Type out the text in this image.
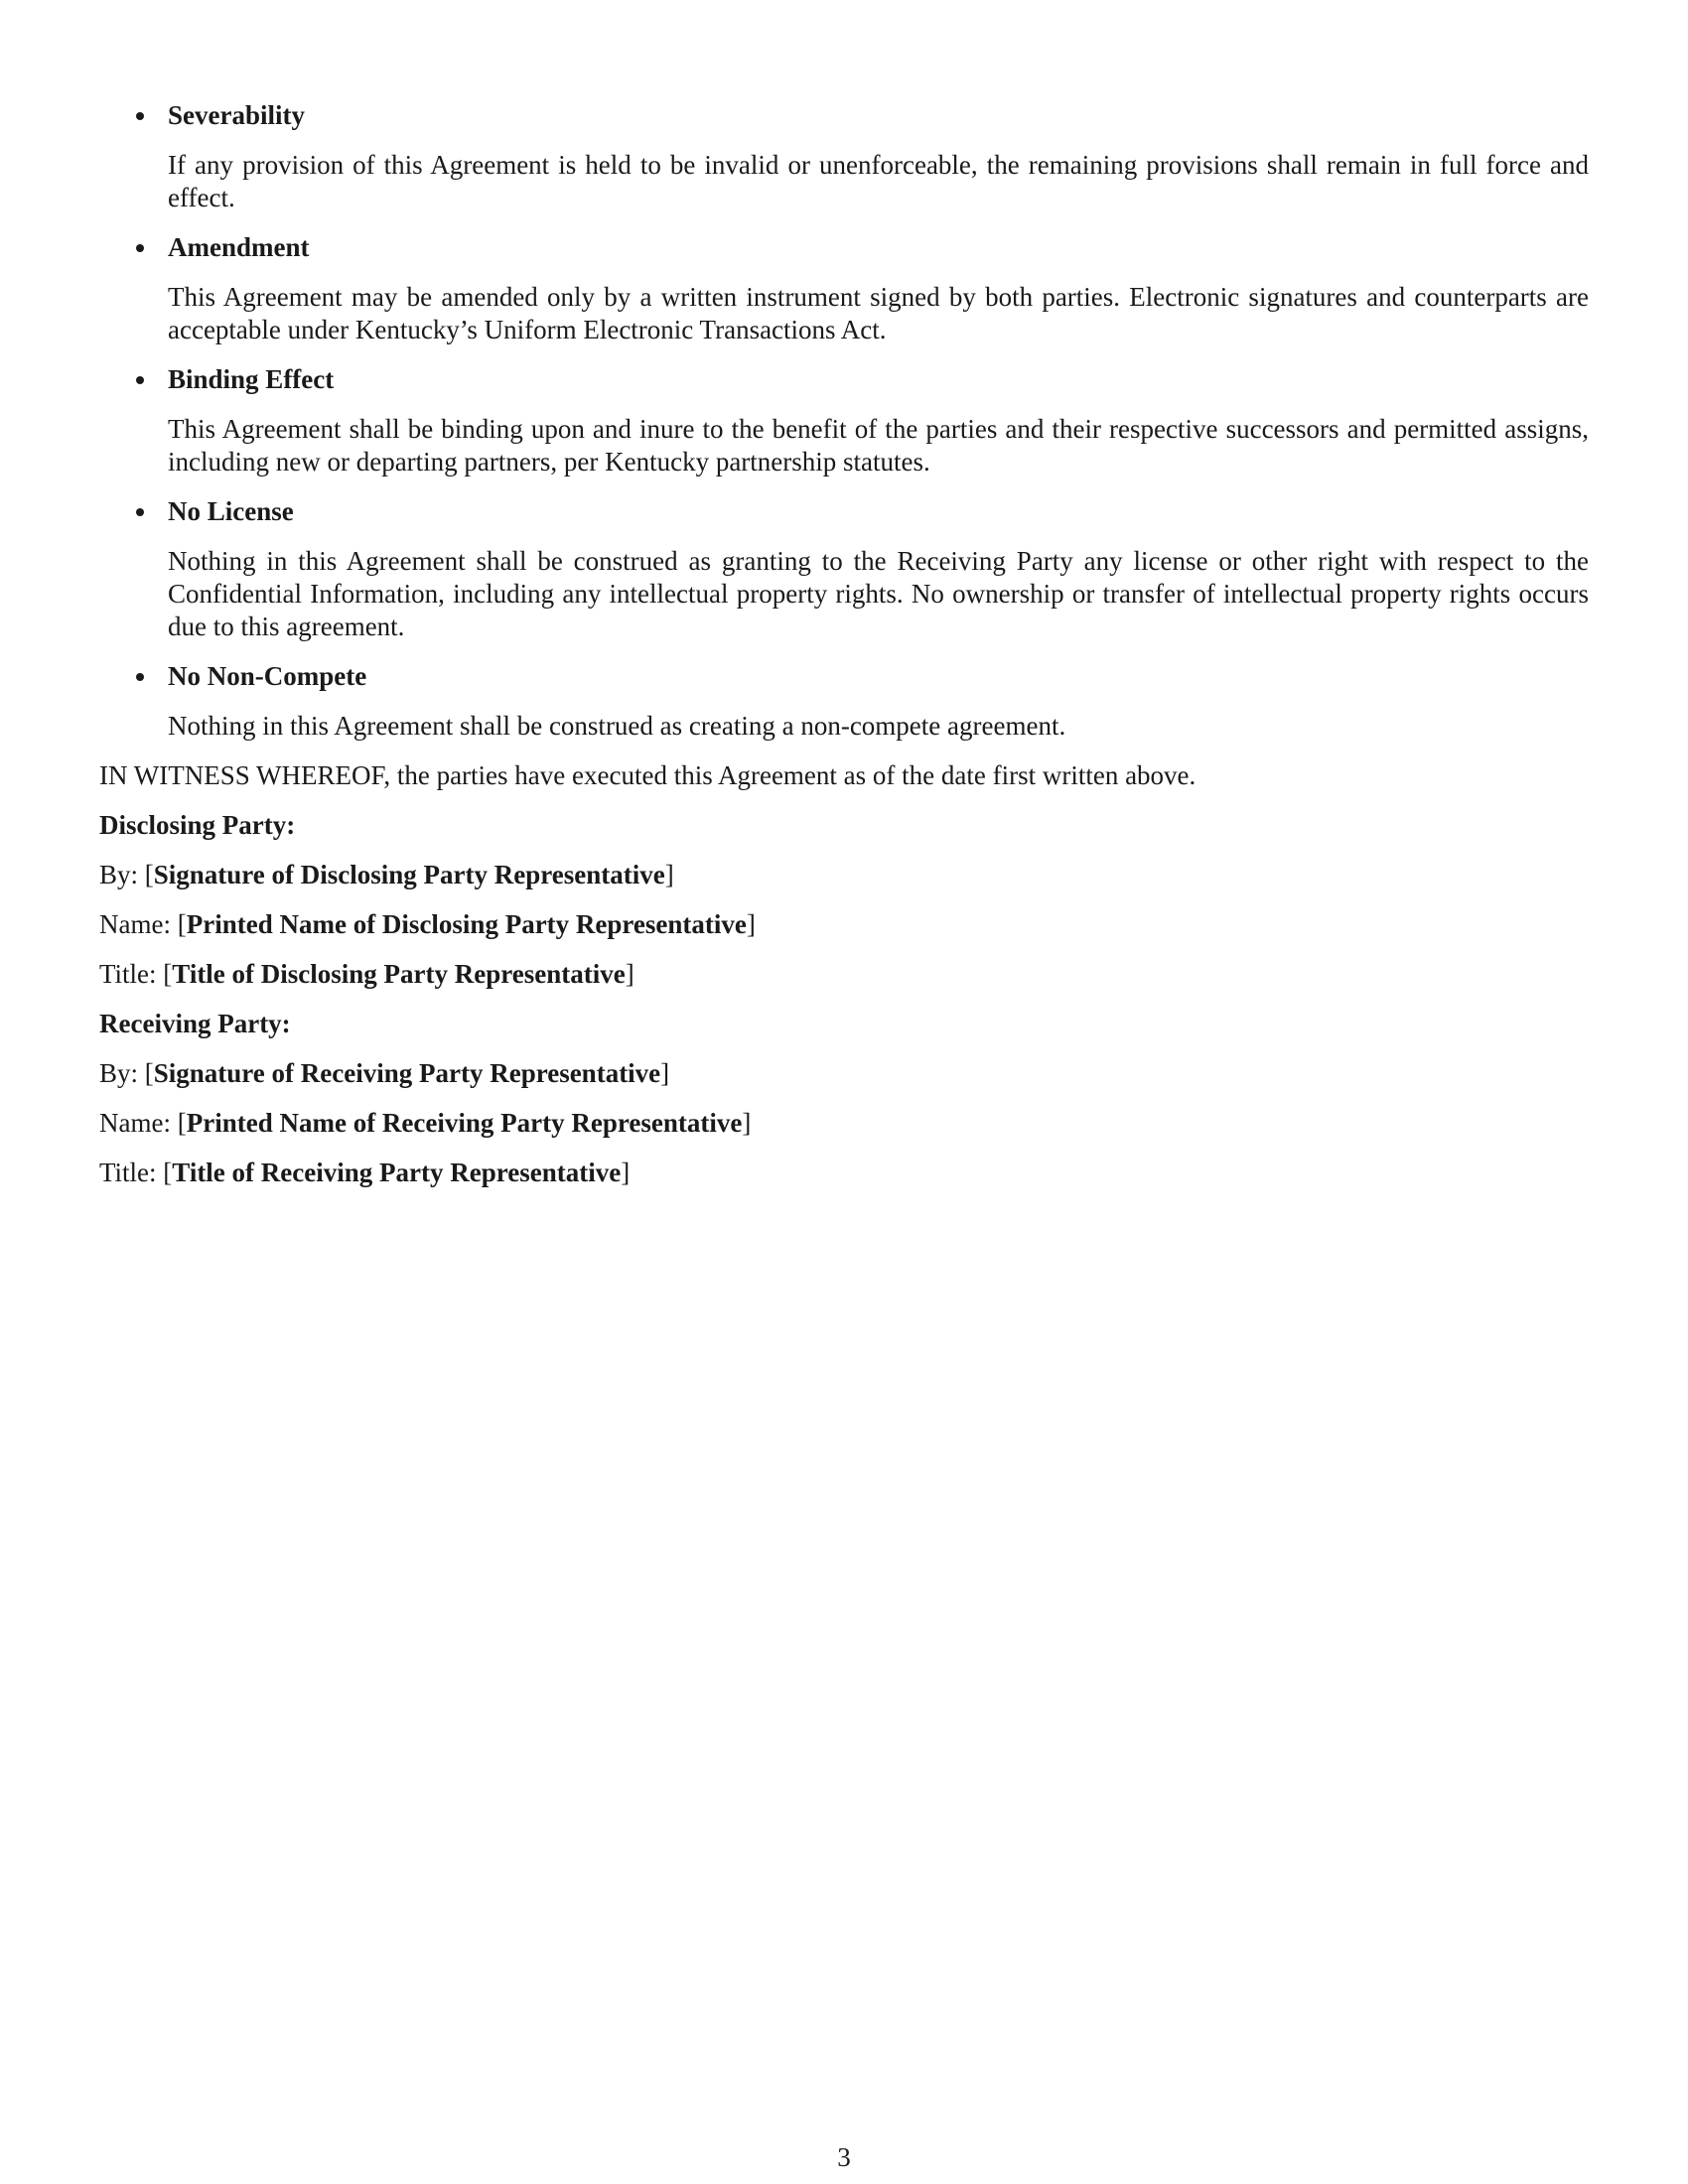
Severability

If any provision of this Agreement is held to be invalid or unenforceable, the remaining provisions shall remain in full force and effect.

Amendment

This Agreement may be amended only by a written instrument signed by both parties. Electronic signatures and counterparts are acceptable under Kentucky’s Uniform Electronic Transactions Act.

Binding Effect

This Agreement shall be binding upon and inure to the benefit of the parties and their respective successors and permitted assigns, including new or departing partners, per Kentucky partnership statutes.

No License

Nothing in this Agreement shall be construed as granting to the Receiving Party any license or other right with respect to the Confidential Information, including any intellectual property rights. No ownership or transfer of intellectual property rights occurs due to this agreement.

No Non-Compete

Nothing in this Agreement shall be construed as creating a non-compete agreement.

IN WITNESS WHEREOF, the parties have executed this Agreement as of the date first written above.

Disclosing Party:

By: [Signature of Disclosing Party Representative]

Name: [Printed Name of Disclosing Party Representative]

Title: [Title of Disclosing Party Representative]

Receiving Party:

By: [Signature of Receiving Party Representative]

Name: [Printed Name of Receiving Party Representative]

Title: [Title of Receiving Party Representative]

3
